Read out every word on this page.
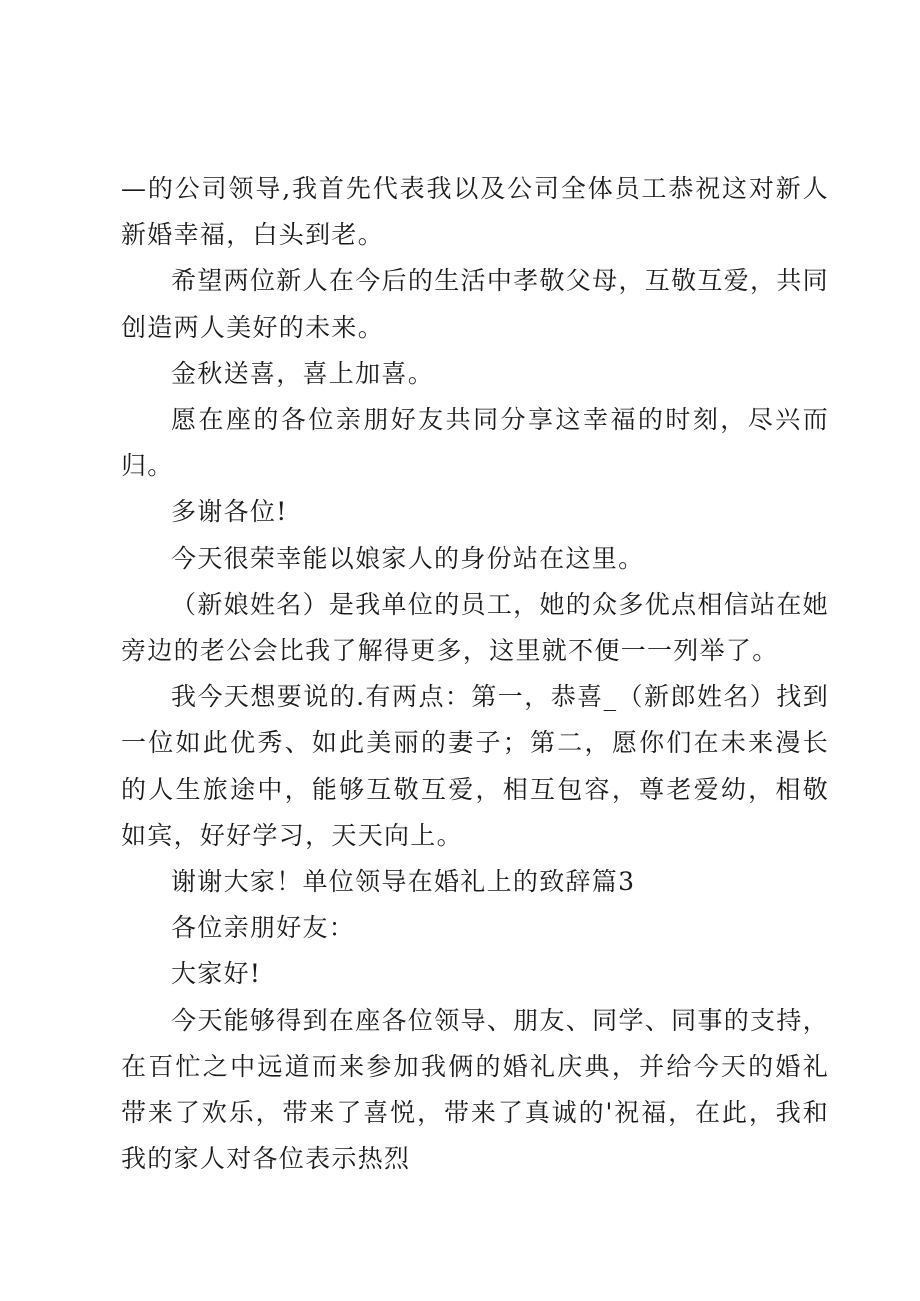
—的公司领导,我首先代表我以及公司全体员工恭祝这对新人新婚幸福，白头到老。

希望两位新人在今后的生活中孝敬父母，互敬互爱，共同创造两人美好的未来。

金秋送喜，喜上加喜。

愿在座的各位亲朋好友共同分享这幸福的时刻，尽兴而归。

多谢各位!

今天很荣幸能以娘家人的身份站在这里。

（新娘姓名）是我单位的员工，她的众多优点相信站在她旁边的老公会比我了解得更多，这里就不便一一列举了。

我今天想要说的.有两点：第一，恭喜_（新郎姓名）找到一位如此优秀、如此美丽的妻子；第二，愿你们在未来漫长的人生旅途中，能够互敬互爱，相互包容，尊老爱幼，相敬如宾，好好学习，天天向上。

谢谢大家！单位领导在婚礼上的致辞篇3

各位亲朋好友：

大家好!

今天能够得到在座各位领导、朋友、同学、同事的支持，在百忙之中远道而来参加我俩的婚礼庆典，并给今天的婚礼带来了欢乐，带来了喜悦，带来了真诚的'祝福，在此，我和我的家人对各位表示热烈
